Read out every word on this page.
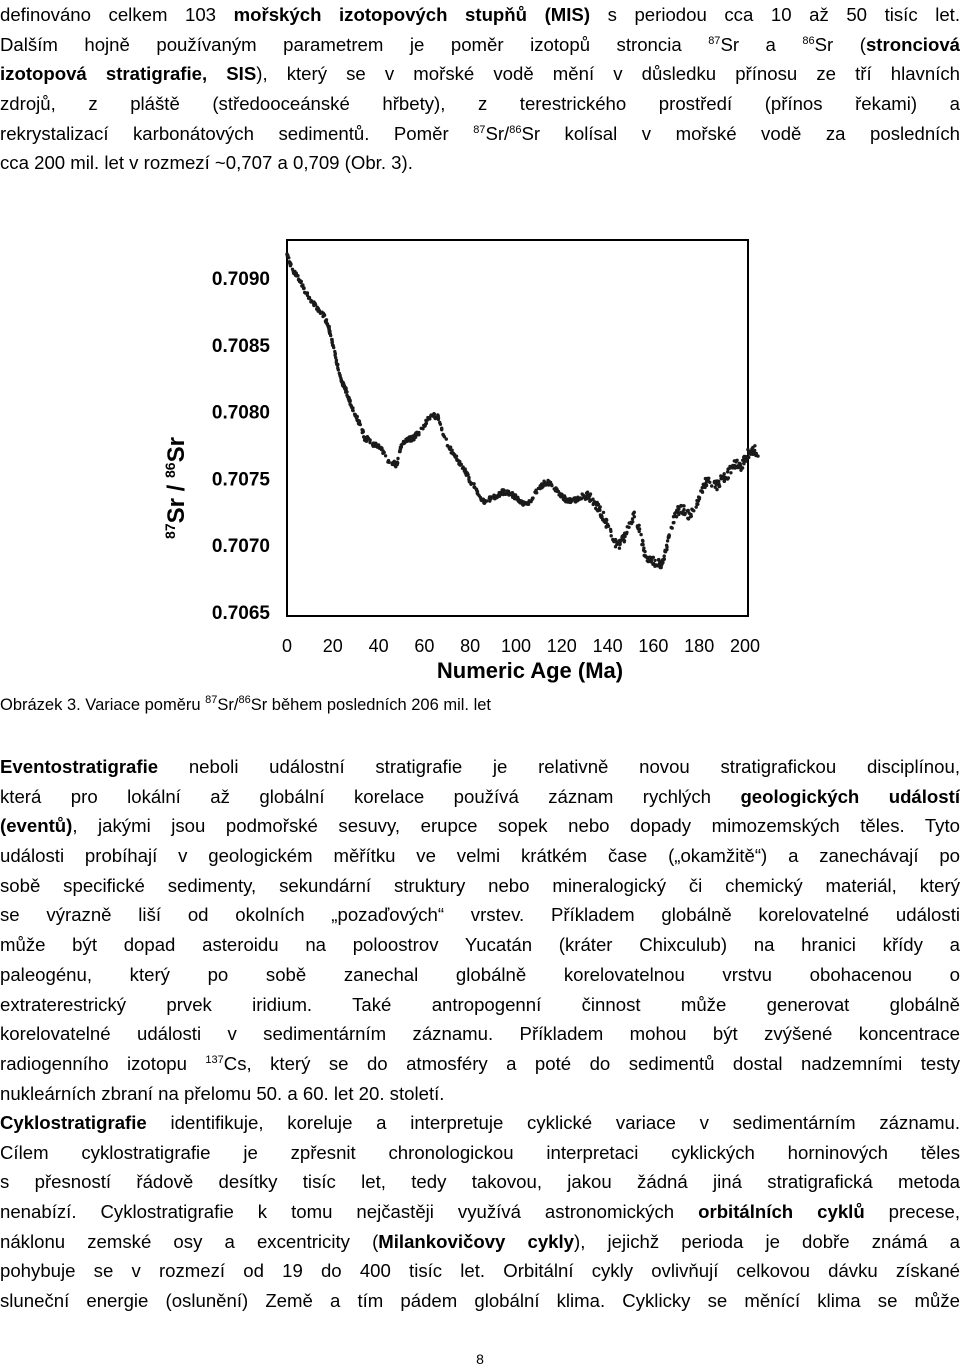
definováno celkem 103 mořských izotopových stupňů (MIS) s periodou cca 10 až 50 tisíc let.
Dalším hojně používaným parametrem je poměr izotopů stroncia $^{87}$Sr a $^{86}$Sr (stronciová
izotopová stratigrafie, SIS), který se v mořské vodě mění v důsledku přínosu ze tří hlavních
zdrojů, z pláště (středooceánské hřbety), z terestrického prostředí (přínos řekami) a
rekrystalizací karbonátových sedimentů. Poměr $^{87}$Sr/$^{86}$Sr kolísal v mořské vodě za posledních
cca 200 mil. let v rozmezí ~0,707 a 0,709 (Obr. 3).
0.7090
0.7085
0.7080
0.7075
0.7070
0.7065
0 20 40 60 80 100 120 140 160 180 200
Numeric Age (Ma)
$^{87}$Sr / $^{86}$Sr
Obrázek 3. Variace poměru $^{87}$Sr/$^{86}$Sr během posledních 206 mil. let
Eventostratigrafie neboli událostní stratigrafie je relativně novou stratigrafickou disciplínou,
která pro lokální až globální korelace používá záznam rychlých geologických událostí
(eventů), jakými jsou podmořské sesuvy, erupce sopek nebo dopady mimozemských těles. Tyto
události probíhají v geologickém měřítku ve velmi krátkém čase („okamžitě“) a zanechávají po
sobě specifické sedimenty, sekundární struktury nebo mineralogický či chemický materiál, který
se výrazně liší od okolních „pozaďových“ vrstev. Příkladem globálně korelovatelné události
může být dopad asteroidu na poloostrov Yucatán (kráter Chixculub) na hranici křídy a
paleogénu, který po sobě zanechal globálně korelovatelnou vrstvu obohacenou o
extraterestrický prvek iridium. Také antropogenní činnost může generovat globálně
korelovatelné události v sedimentárním záznamu. Příkladem mohou být zvýšené koncentrace
radiogenního izotopu $^{137}$Cs, který se do atmosféry a poté do sedimentů dostal nadzemními testy
nukleárních zbraní na přelomu 50. a 60. let 20. století.
Cyklostratigrafie identifikuje, koreluje a interpretuje cyklické variace v sedimentárním záznamu.
Cílem cyklostratigrafie je zpřesnit chronologickou interpretaci cyklických horninových těles
s přesností řádově desítky tisíc let, tedy takovou, jakou žádná jiná stratigrafická metoda
nenabízí. Cyklostratigrafie k tomu nejčastěji využívá astronomických orbitálních cyklů precese,
náklonu zemské osy a excentricity (Milankovičovy cykly), jejichž perioda je dobře známá a
pohybuje se v rozmezí od 19 do 400 tisíc let. Orbitální cykly ovlivňují celkovou dávku získané
sluneční energie (oslunění) Země a tím pádem globální klima. Cyklicky se měnící klima se může
8
